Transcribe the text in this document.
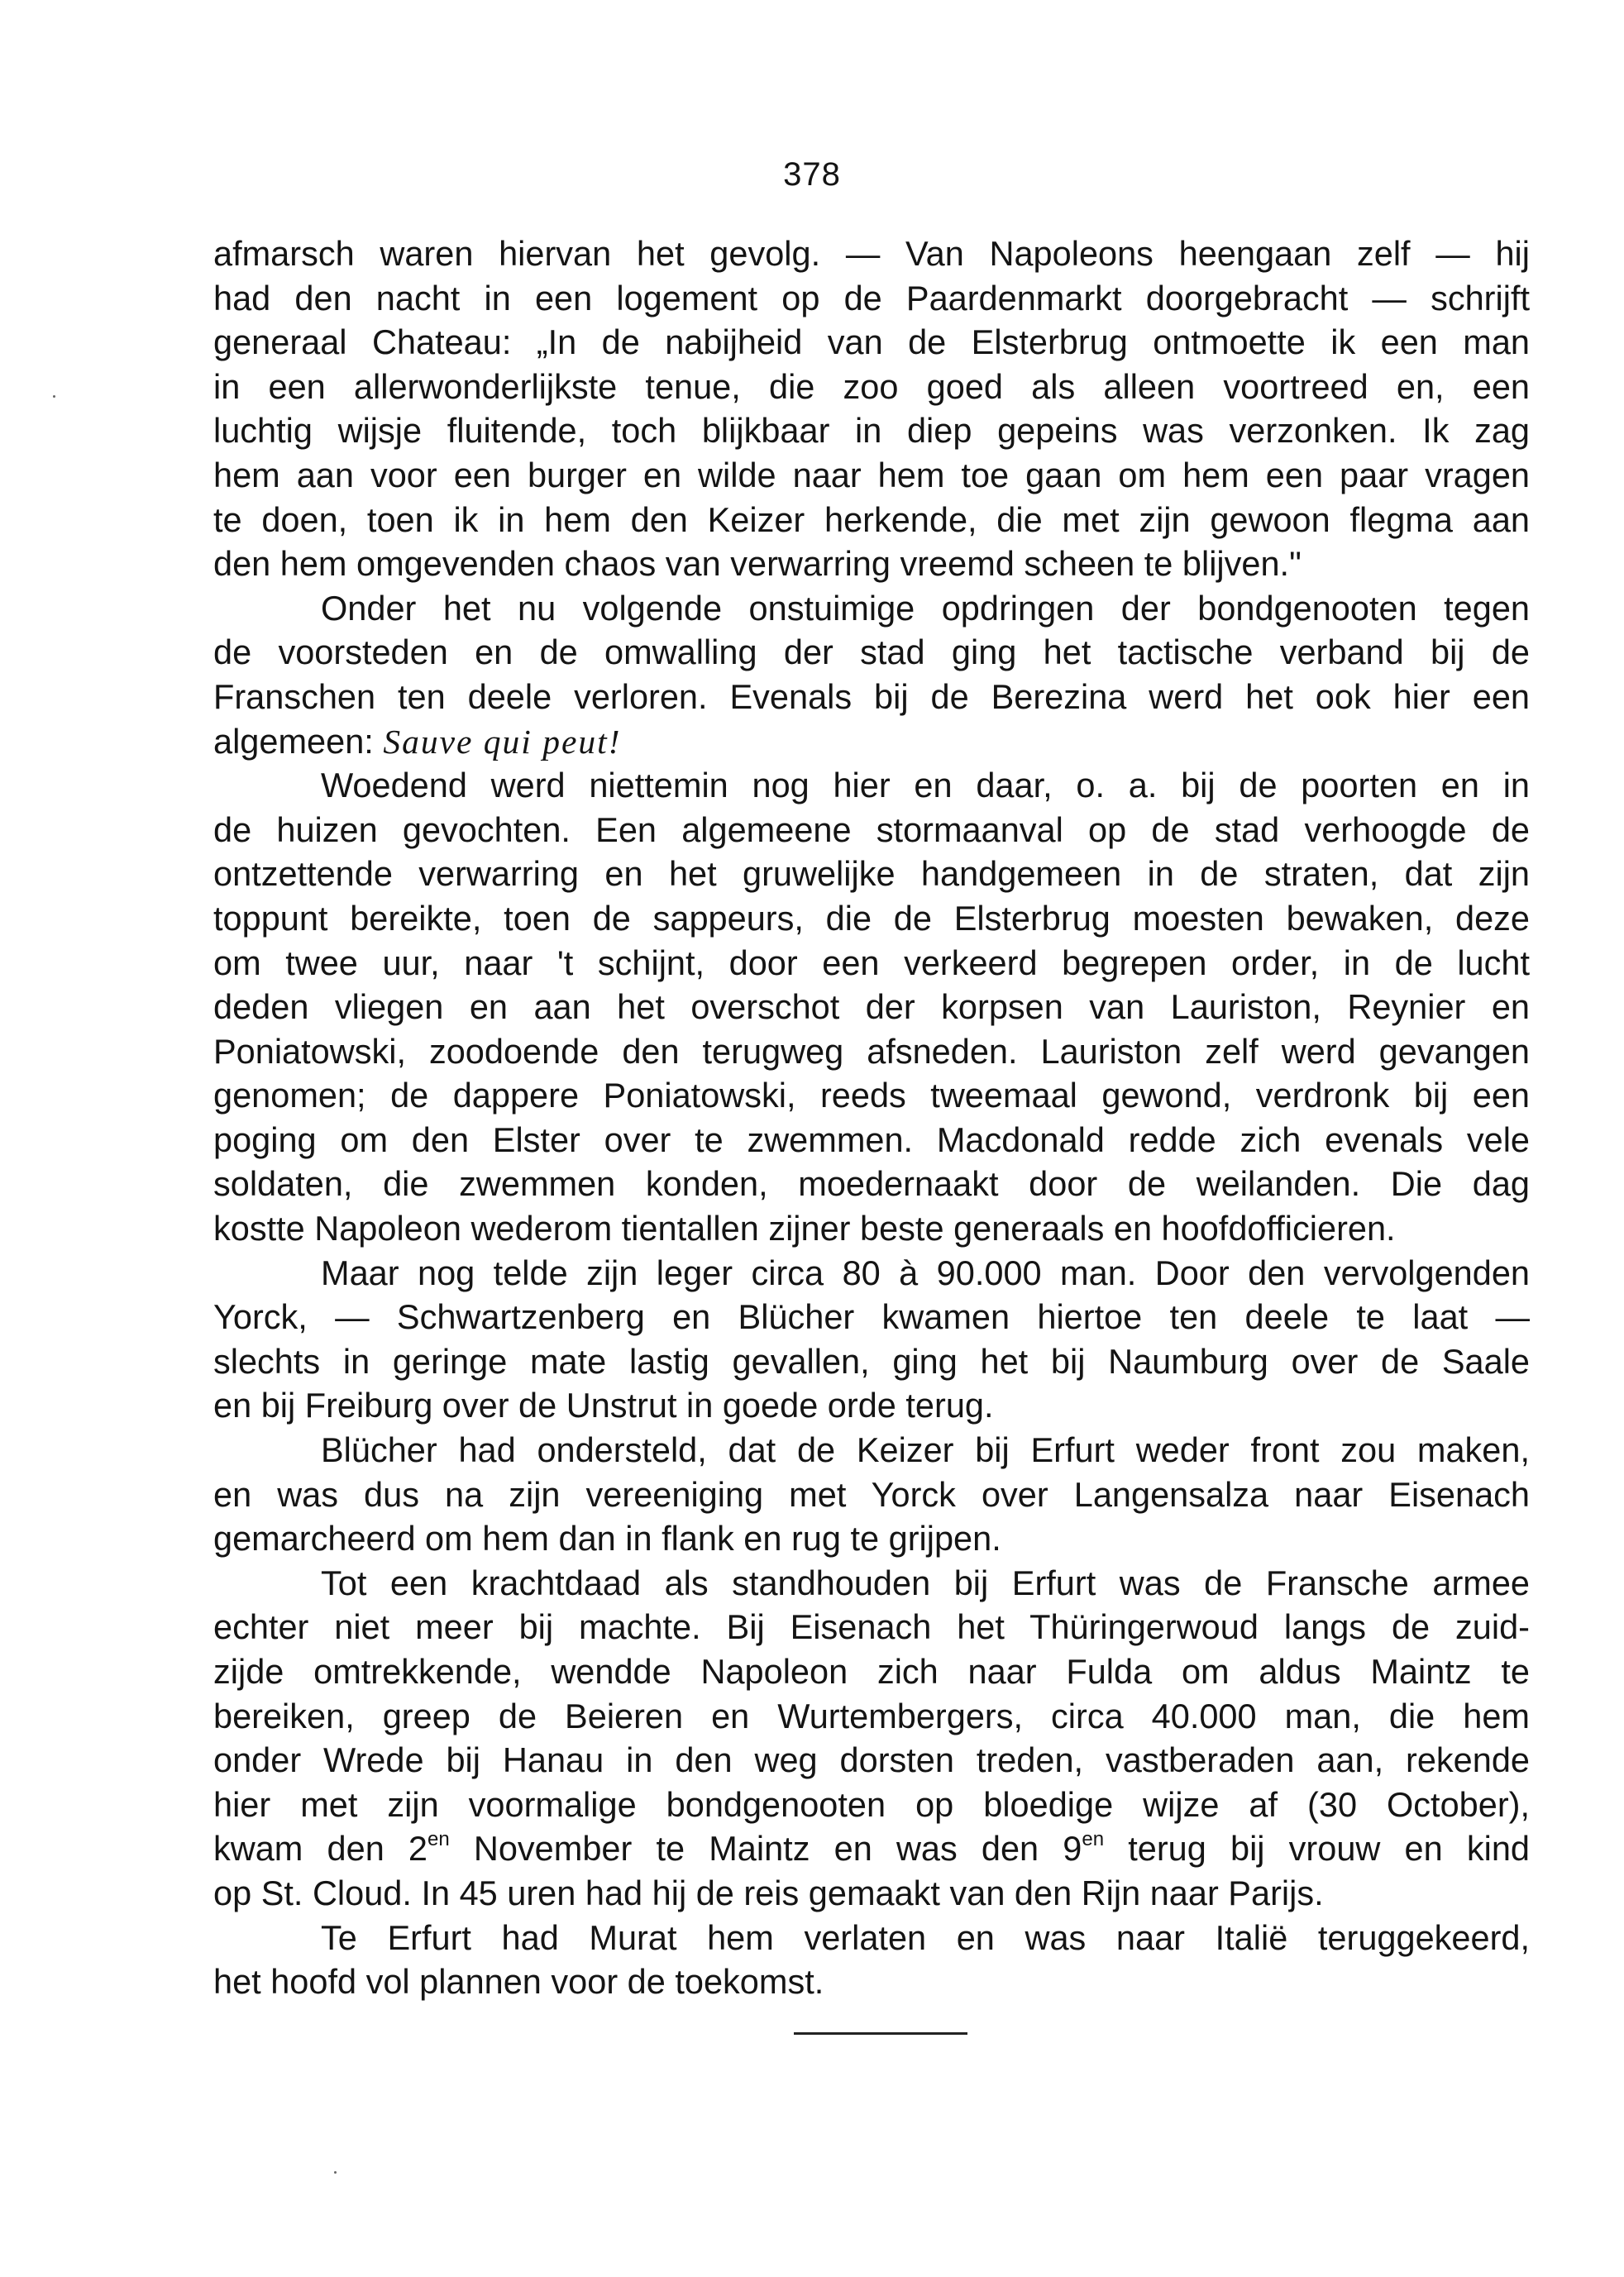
378
afmarsch waren hiervan het gevolg. — Van Napoleons heengaan zelf — hij
had den nacht in een logement op de Paardenmarkt doorgebracht — schrijft
generaal Chateau: „In de nabijheid van de Elsterbrug ontmoette ik een man
in een allerwonderlijkste tenue, die zoo goed als alleen voortreed en, een
luchtig wijsje fluitende, toch blijkbaar in diep gepeins was verzonken. Ik zag
hem aan voor een burger en wilde naar hem toe gaan om hem een paar vragen
te doen, toen ik in hem den Keizer herkende, die met zijn gewoon flegma aan
den hem omgevenden chaos van verwarring vreemd scheen te blijven."
Onder het nu volgende onstuimige opdringen der bondgenooten tegen
de voorsteden en de omwalling der stad ging het tactische verband bij de
Franschen ten deele verloren. Evenals bij de Berezina werd het ook hier een
algemeen: Sauve qui peut!
Woedend werd niettemin nog hier en daar, o. a. bij de poorten en in
de huizen gevochten. Een algemeene stormaanval op de stad verhoogde de
ontzettende verwarring en het gruwelijke handgemeen in de straten, dat zijn
toppunt bereikte, toen de sappeurs, die de Elsterbrug moesten bewaken, deze
om twee uur, naar 't schijnt, door een verkeerd begrepen order, in de lucht
deden vliegen en aan het overschot der korpsen van Lauriston, Reynier en
Poniatowski, zoodoende den terugweg afsneden. Lauriston zelf werd gevangen
genomen; de dappere Poniatowski, reeds tweemaal gewond, verdronk bij een
poging om den Elster over te zwemmen. Macdonald redde zich evenals vele
soldaten, die zwemmen konden, moedernaakt door de weilanden. Die dag
kostte Napoleon wederom tientallen zijner beste generaals en hoofdofficieren.
Maar nog telde zijn leger circa 80 à 90.000 man. Door den vervolgenden
Yorck, — Schwartzenberg en Blücher kwamen hiertoe ten deele te laat —
slechts in geringe mate lastig gevallen, ging het bij Naumburg over de Saale
en bij Freiburg over de Unstrut in goede orde terug.
Blücher had ondersteld, dat de Keizer bij Erfurt weder front zou maken,
en was dus na zijn vereeniging met Yorck over Langensalza naar Eisenach
gemarcheerd om hem dan in flank en rug te grijpen.
Tot een krachtdaad als standhouden bij Erfurt was de Fransche armee
echter niet meer bij machte. Bij Eisenach het Thüringerwoud langs de zuid-
zijde omtrekkende, wendde Napoleon zich naar Fulda om aldus Maintz te
bereiken, greep de Beieren en Wurtembergers, circa 40.000 man, die hem
onder Wrede bij Hanau in den weg dorsten treden, vastberaden aan, rekende
hier met zijn voormalige bondgenooten op bloedige wijze af (30 October),
kwam den $2^{en}$ November te Maintz en was den $9^{en}$ terug bij vrouw en kind
op St. Cloud. In 45 uren had hij de reis gemaakt van den Rijn naar Parijs.
Te Erfurt had Murat hem verlaten en was naar Italië teruggekeerd,
het hoofd vol plannen voor de toekomst.
